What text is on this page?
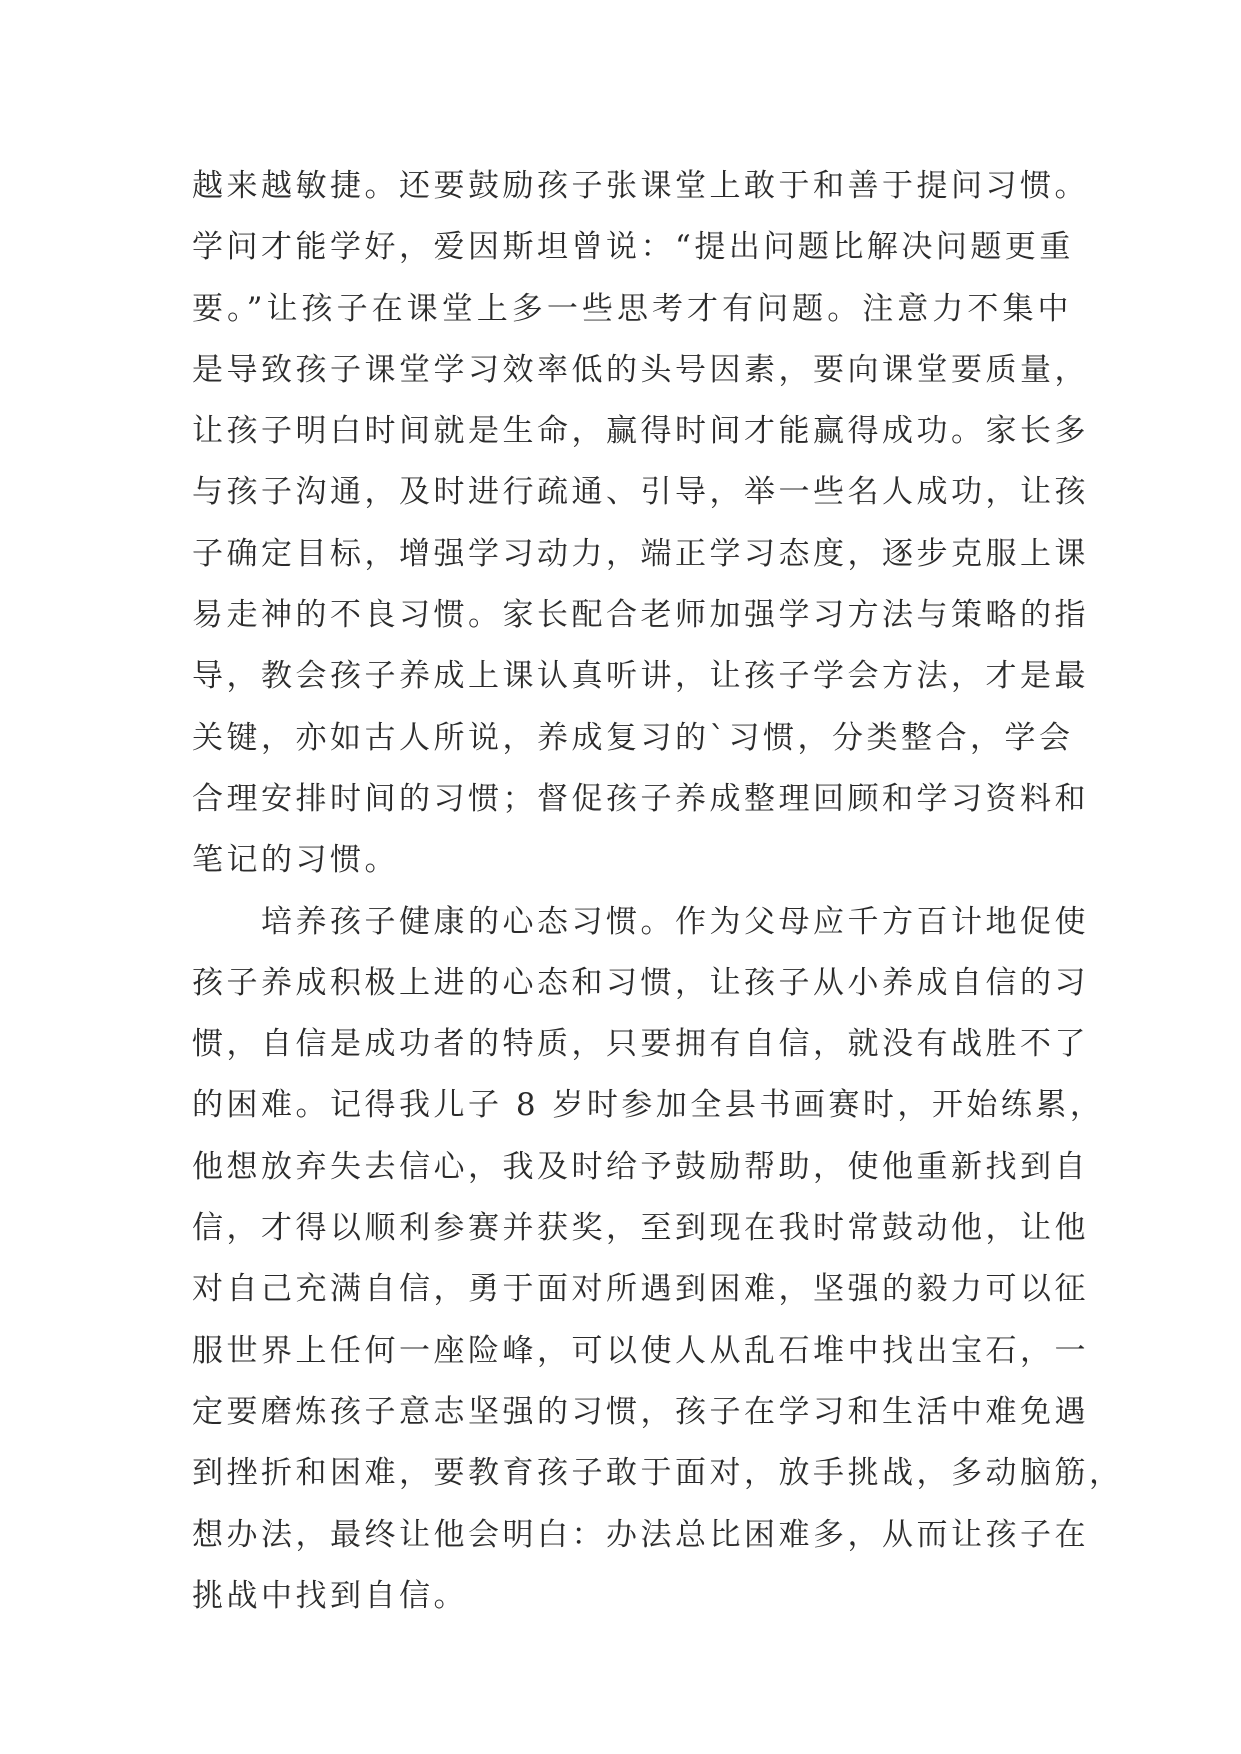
越来越敏捷。还要鼓励孩子张课堂上敢于和善于提问习惯。
学问才能学好，爱因斯坦曾说：“提出问题比解决问题更重
要。”让孩子在课堂上多一些思考才有问题。注意力不集中
是导致孩子课堂学习效率低的头号因素，要向课堂要质量，
让孩子明白时间就是生命，赢得时间才能赢得成功。家长多
与孩子沟通，及时进行疏通、引导，举一些名人成功，让孩
子确定目标，增强学习动力，端正学习态度，逐步克服上课
易走神的不良习惯。家长配合老师加强学习方法与策略的指
导，教会孩子养成上课认真听讲，让孩子学会方法，才是最
关键，亦如古人所说，养成复习的`习惯，分类整合，学会
合理安排时间的习惯；督促孩子养成整理回顾和学习资料和
笔记的习惯。
　　培养孩子健康的心态习惯。作为父母应千方百计地促使
孩子养成积极上进的心态和习惯，让孩子从小养成自信的习
惯，自信是成功者的特质，只要拥有自信，就没有战胜不了
的困难。记得我儿子 8 岁时参加全县书画赛时，开始练累，
他想放弃失去信心，我及时给予鼓励帮助，使他重新找到自
信，才得以顺利参赛并获奖，至到现在我时常鼓动他，让他
对自己充满自信，勇于面对所遇到困难，坚强的毅力可以征
服世界上任何一座险峰，可以使人从乱石堆中找出宝石，一
定要磨炼孩子意志坚强的习惯，孩子在学习和生活中难免遇
到挫折和困难，要教育孩子敢于面对，放手挑战，多动脑筋，
想办法，最终让他会明白：办法总比困难多，从而让孩子在
挑战中找到自信。
